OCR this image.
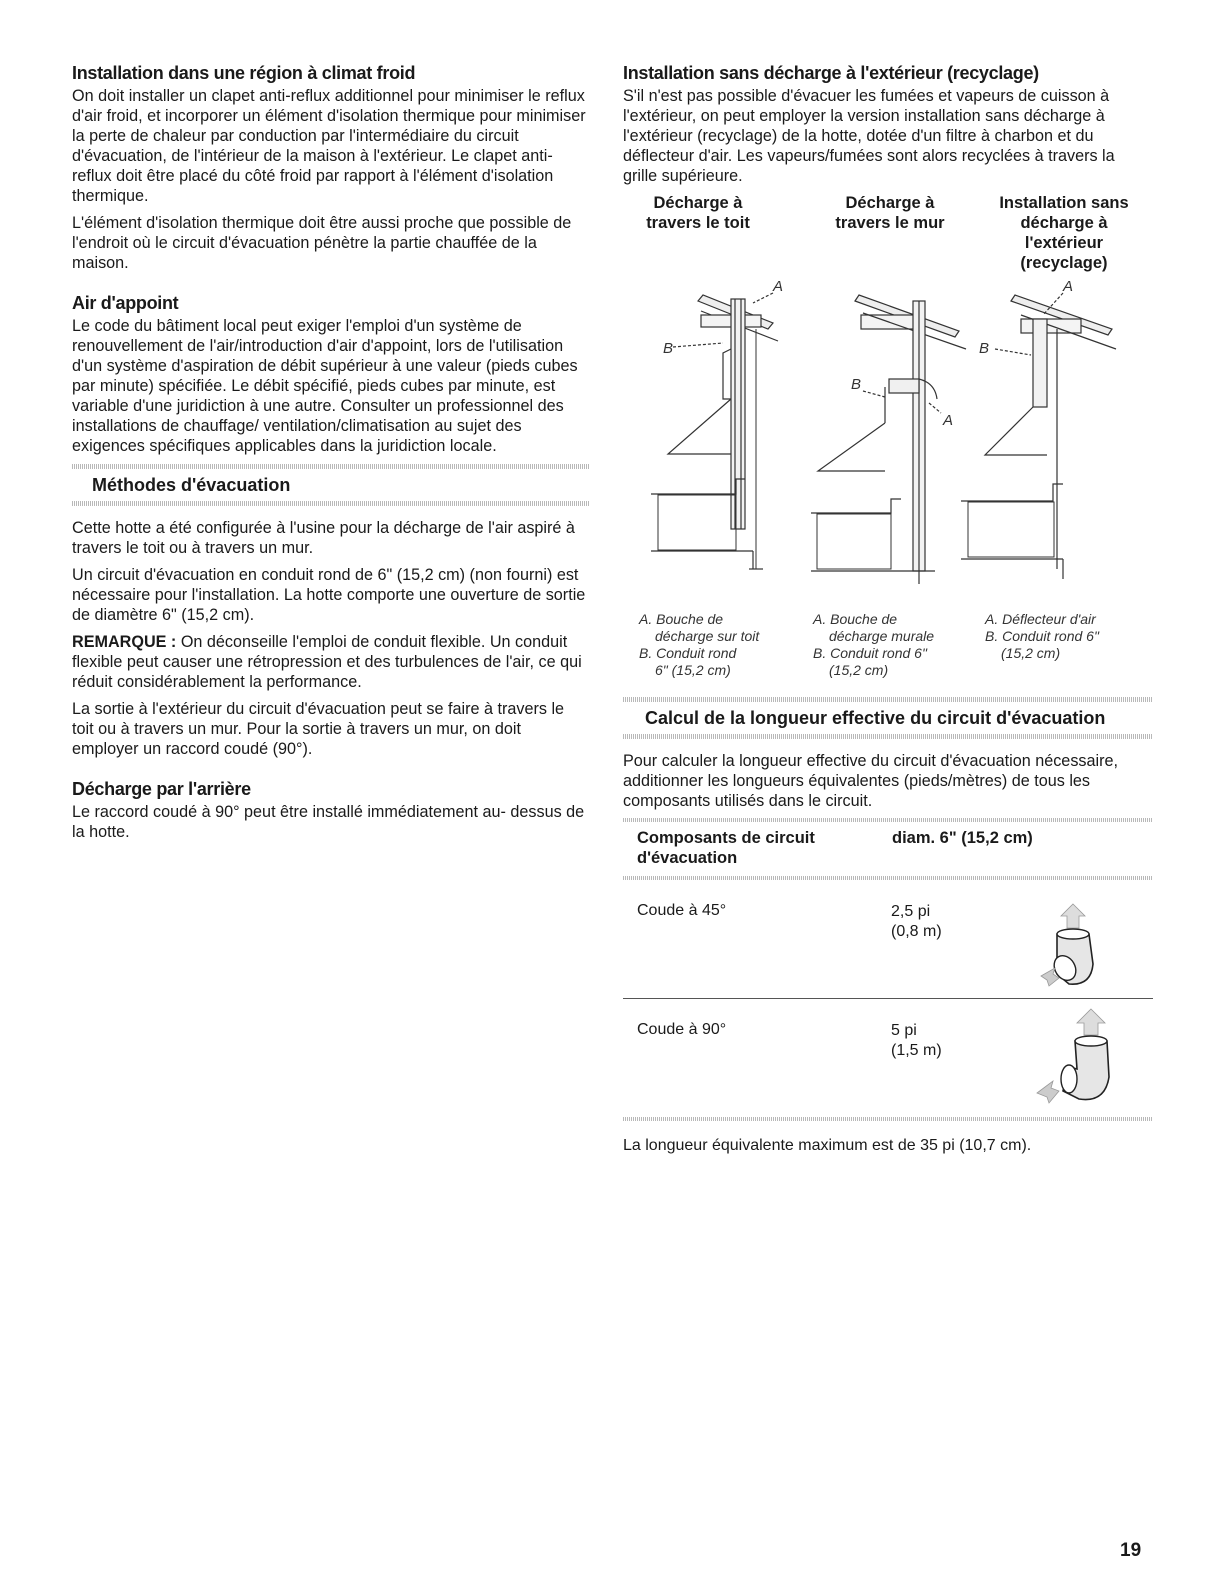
Installation dans une région à climat froid

On doit installer un clapet anti-reflux additionnel pour minimiser le reflux d'air froid, et incorporer un élément d'isolation thermique pour minimiser la perte de chaleur par conduction par l'intermédiaire du circuit d'évacuation, de l'intérieur de la maison à l'extérieur. Le clapet anti-reflux doit être placé du côté froid par rapport à l'élément d'isolation thermique.

L'élément d'isolation thermique doit être aussi proche que possible de l'endroit où le circuit d'évacuation pénètre la partie chauffée de la maison.

Air d'appoint

Le code du bâtiment local peut exiger l'emploi d'un système de renouvellement de l'air/introduction d'air d'appoint, lors de l'utilisation d'un système d'aspiration de débit supérieur à une valeur (pieds cubes par minute) spécifiée. Le débit spécifié, pieds cubes par minute, est variable d'une juridiction à une autre. Consulter un professionnel des installations de chauffage/ ventilation/climatisation au sujet des exigences spécifiques applicables dans la juridiction locale.

Méthodes d'évacuation

Cette hotte a été configurée à l'usine pour la décharge de l'air aspiré à travers le toit ou à travers un mur.

Un circuit d'évacuation en conduit rond de 6" (15,2 cm) (non fourni) est nécessaire pour l'installation. La hotte comporte une ouverture de sortie de diamètre 6" (15,2 cm).

REMARQUE : On déconseille l'emploi de conduit flexible. Un conduit flexible peut causer une rétropression et des turbulences de l'air, ce qui réduit considérablement la performance.

La sortie à l'extérieur du circuit d'évacuation peut se faire à travers le toit ou à travers un mur. Pour la sortie à travers un mur, on doit employer un raccord coudé (90°).

Décharge par l'arrière

Le raccord coudé à 90° peut être installé immédiatement au- dessus de la hotte.

Installation sans décharge à l'extérieur (recyclage)

S'il n'est pas possible d'évacuer les fumées et vapeurs de cuisson à l'extérieur, on peut employer la version installation sans décharge à l'extérieur (recyclage) de la hotte, dotée d'un filtre à charbon et du déflecteur d'air. Les vapeurs/fumées sont alors recyclées à travers la grille supérieure.

Décharge à
travers le toit
Décharge à
travers le mur
Installation sans
décharge à
l'extérieur
(recyclage)
A
B
A
B
A
B
A. Bouche de
décharge sur toit
B. Conduit rond
6" (15,2 cm)
A. Bouche de
décharge murale
B. Conduit rond 6"
(15,2 cm)
A. Déflecteur d'air
B. Conduit rond 6"
(15,2 cm)
Calcul de la longueur effective du circuit d'évacuation

Pour calculer la longueur effective du circuit d'évacuation nécessaire, additionner les longueurs équivalentes (pieds/mètres) de tous les composants utilisés dans le circuit.

Composants de circuit
d'évacuation
diam. 6" (15,2 cm)
Coude à 45°	2,5 pi
(0,8 m)
Coude à 90°	5 pi
(1,5 m)
La longueur équivalente maximum est de 35 pi (10,7 cm).
19
